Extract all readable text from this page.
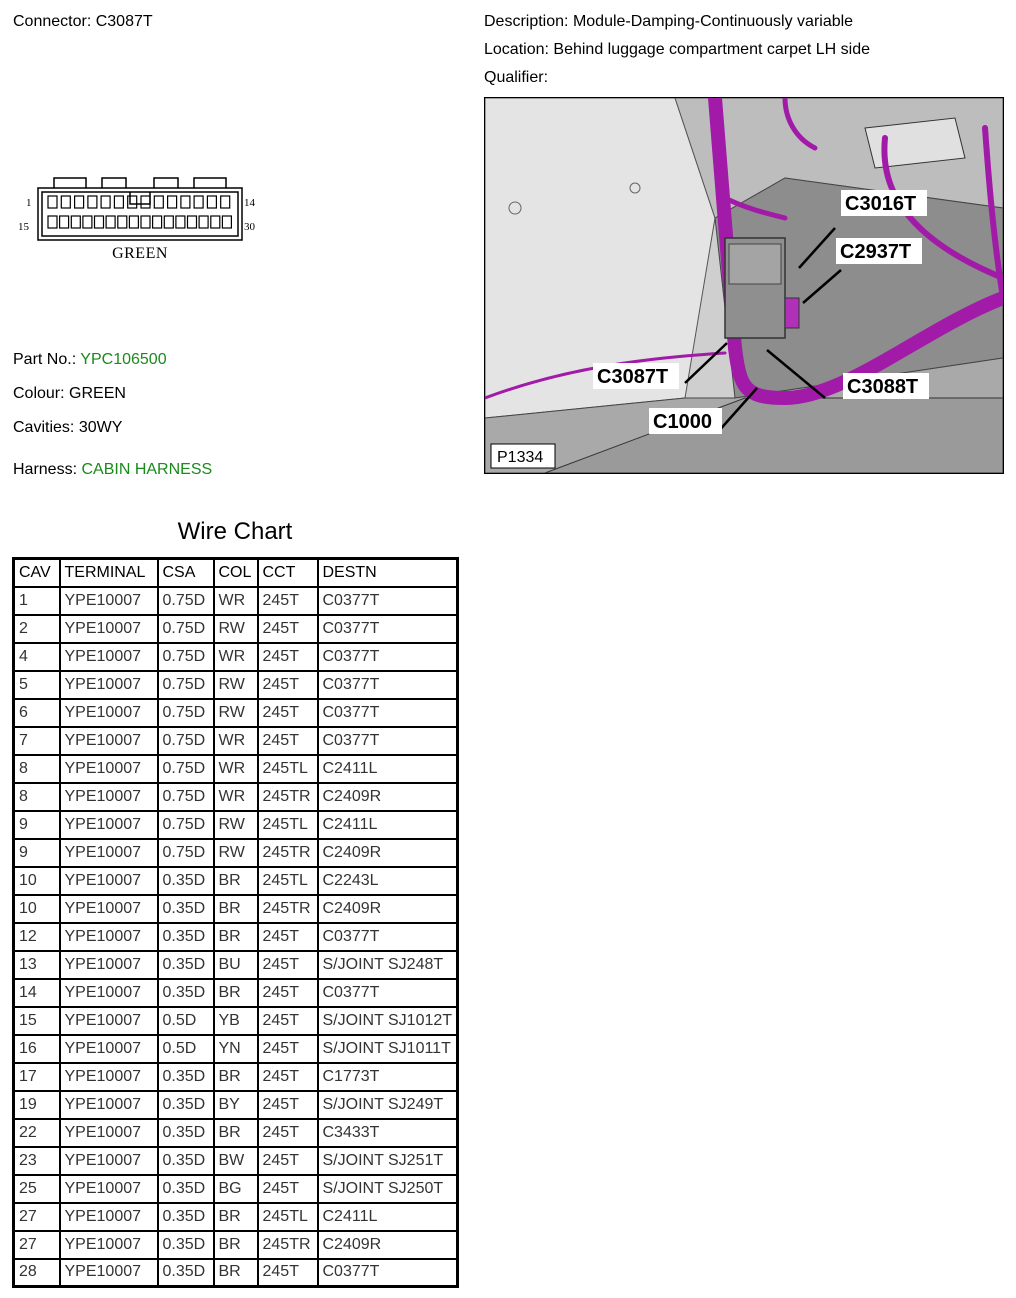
Connector: C3087T	Description: Module-Damping-Continuously variable
Location: Behind luggage compartment carpet LH side
Qualifier:
1	14
15	30
GREEN
Part No.: YPC106500
Colour: GREEN
Cavities: 30WY
Harness: CABIN HARNESS
C3016T
C2937T
C3087T	C3088T
C1000
P1334
Wire Chart
CAV	TERMINAL	CSA	COL	CCT	DESTN
1	YPE10007	0.75D	WR	245T	C0377T
2	YPE10007	0.75D	RW	245T	C0377T
4	YPE10007	0.75D	WR	245T	C0377T
5	YPE10007	0.75D	RW	245T	C0377T
6	YPE10007	0.75D	RW	245T	C0377T
7	YPE10007	0.75D	WR	245T	C0377T
8	YPE10007	0.75D	WR	245TL	C2411L
8	YPE10007	0.75D	WR	245TR	C2409R
9	YPE10007	0.75D	RW	245TL	C2411L
9	YPE10007	0.75D	RW	245TR	C2409R
10	YPE10007	0.35D	BR	245TL	C2243L
10	YPE10007	0.35D	BR	245TR	C2409R
12	YPE10007	0.35D	BR	245T	C0377T
13	YPE10007	0.35D	BU	245T	S/JOINT SJ248T
14	YPE10007	0.35D	BR	245T	C0377T
15	YPE10007	0.5D	YB	245T	S/JOINT SJ1012T
16	YPE10007	0.5D	YN	245T	S/JOINT SJ1011T
17	YPE10007	0.35D	BR	245T	C1773T
19	YPE10007	0.35D	BY	245T	S/JOINT SJ249T
22	YPE10007	0.35D	BR	245T	C3433T
23	YPE10007	0.35D	BW	245T	S/JOINT SJ251T
25	YPE10007	0.35D	BG	245T	S/JOINT SJ250T
27	YPE10007	0.35D	BR	245TL	C2411L
27	YPE10007	0.35D	BR	245TR	C2409R
28	YPE10007	0.35D	BR	245T	C0377T
